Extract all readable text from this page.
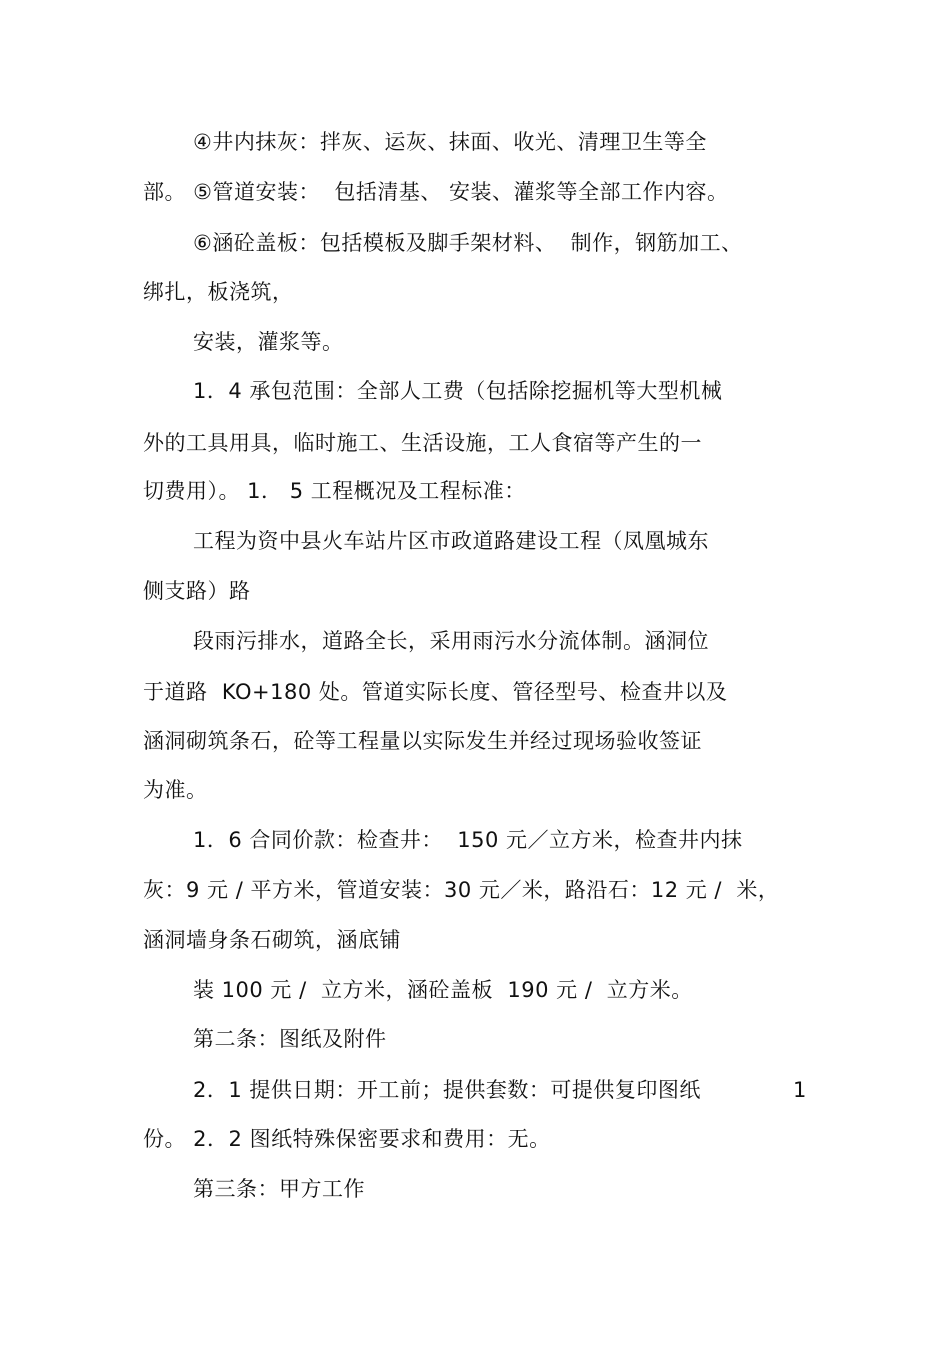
④井内抹灰：拌灰、运灰、抹面、收光、清理卫生等全
部。 ⑤管道安装：  包括清基、 安装、灌浆等全部工作内容。
⑥涵砼盖板：包括模板及脚手架材料、  制作，钢筋加工、
绑扎，板浇筑，
安装，灌浆等。
1．4 承包范围：全部人工费（包括除挖掘机等大型机械
外的工具用具，临时施工、生活设施，工人食宿等产生的一
切费用）。 1． 5 工程概况及工程标准：
工程为资中县火车站片区市政道路建设工程（凤凰城东
侧支路）路
段雨污排水，道路全长，采用雨污水分流体制。涵洞位
于道路  KO+180 处。管道实际长度、管径型号、检查井以及
涵洞砌筑条石，砼等工程量以实际发生并经过现场验收签证
为准。
1．6 合同价款：检查井：  150 元／立方米，检查井内抹
灰：9 元 / 平方米，管道安装：30 元／米，路沿石：12 元 /  米，
涵洞墙身条石砌筑，涵底铺
装 100 元 /  立方米，涵砼盖板  190 元 /  立方米。
第二条：图纸及附件
2．1 提供日期：开工前；提供套数：可提供复印图纸	1
份。 2．2 图纸特殊保密要求和费用：无。
第三条：甲方工作
